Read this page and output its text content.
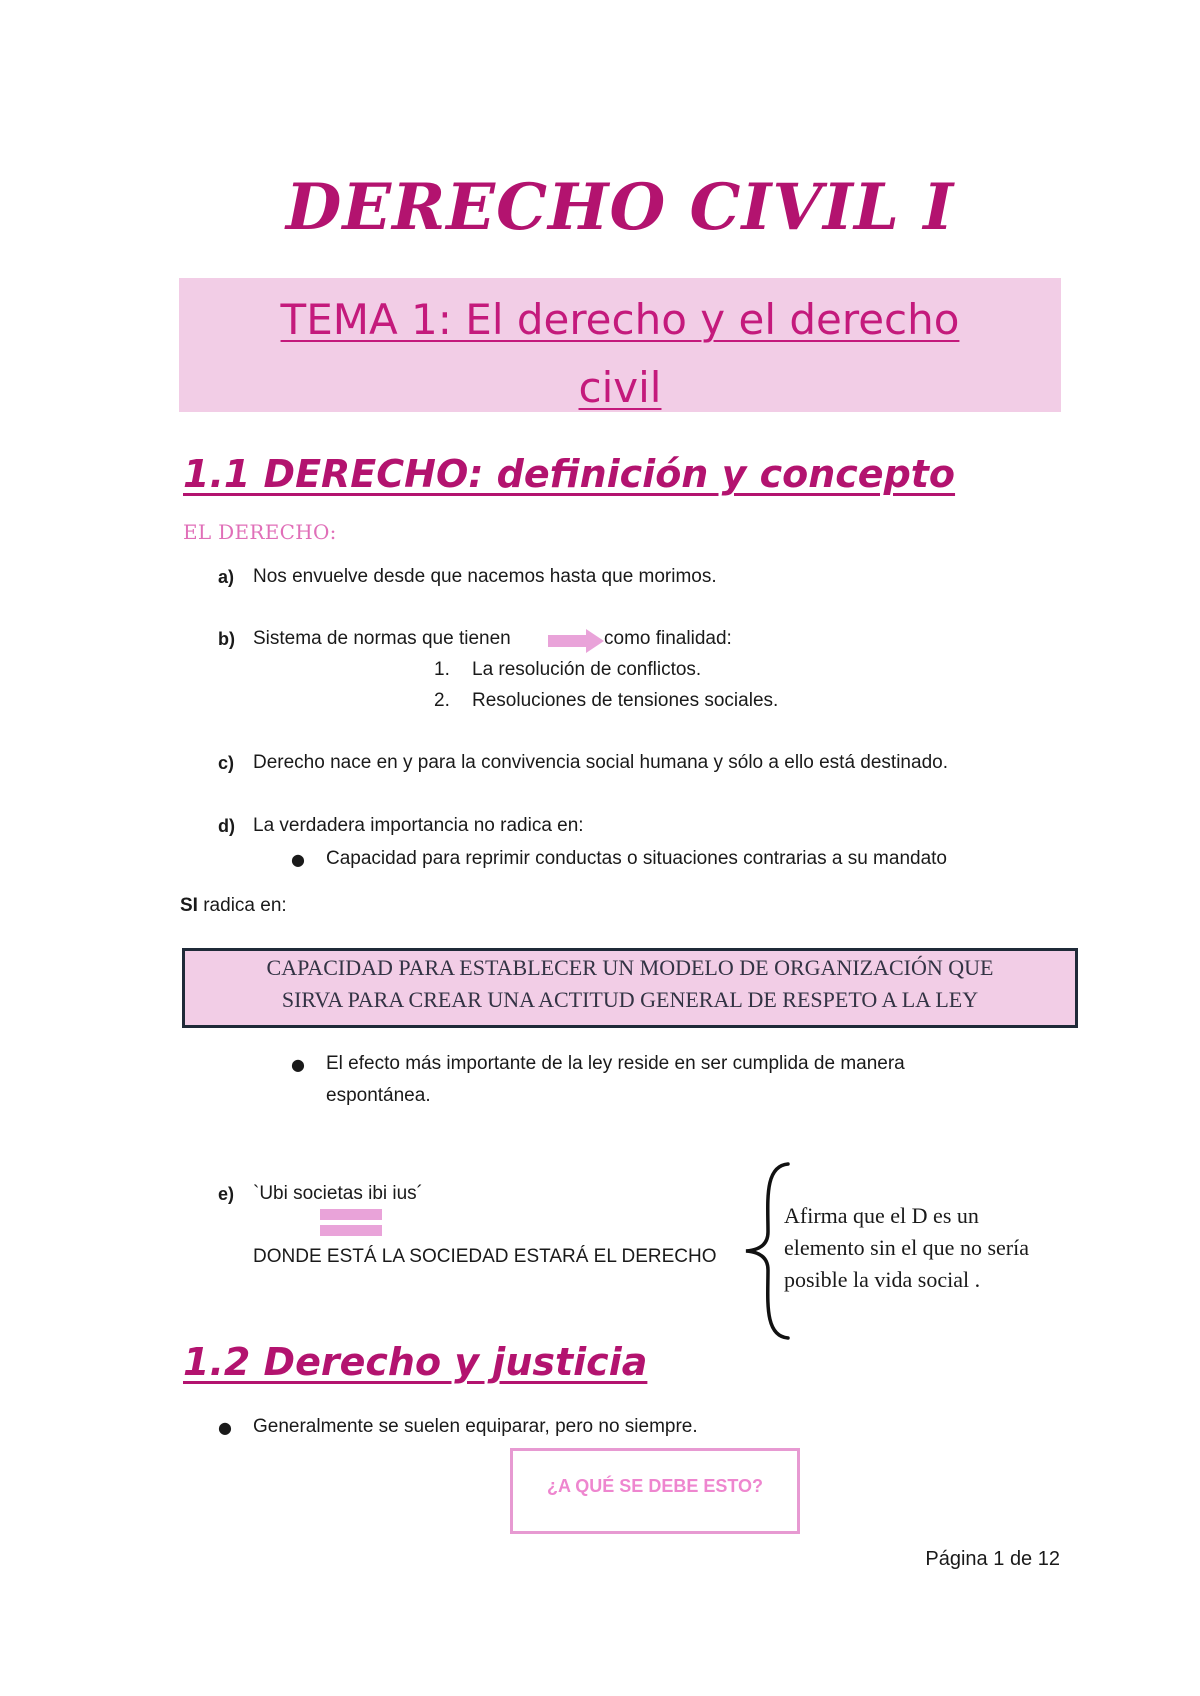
DERECHO CIVIL I
TEMA 1: El derecho y el derecho
civil
1.1 DERECHO: definición y concepto
EL DERECHO:
a) Nos envuelve desde que nacemos hasta que morimos.
b) Sistema de normas que tienen	como finalidad:
1. La resolución de conflictos.
2. Resoluciones de tensiones sociales.
c) Derecho nace en y para la convivencia social humana y sólo a ello está destinado.
d) La verdadera importancia no radica en:
● Capacidad para reprimir conductas o situaciones contrarias a su mandato
SI radica en:
CAPACIDAD PARA ESTABLECER UN MODELO DE ORGANIZACIÓN QUE
SIRVA PARA CREAR UNA ACTITUD GENERAL DE RESPETO A LA LEY
● El efecto más importante de la ley reside en ser cumplida de manera
espontánea.
e) `Ubi societas ibi ius´
DONDE ESTÁ LA SOCIEDAD ESTARÁ EL DERECHO
Afirma que el D es un
elemento sin el que no sería
posible la vida social .
1.2 Derecho y justicia
● Generalmente se suelen equiparar, pero no siempre.
¿A QUÉ SE DEBE ESTO?
Página 1 de 12
